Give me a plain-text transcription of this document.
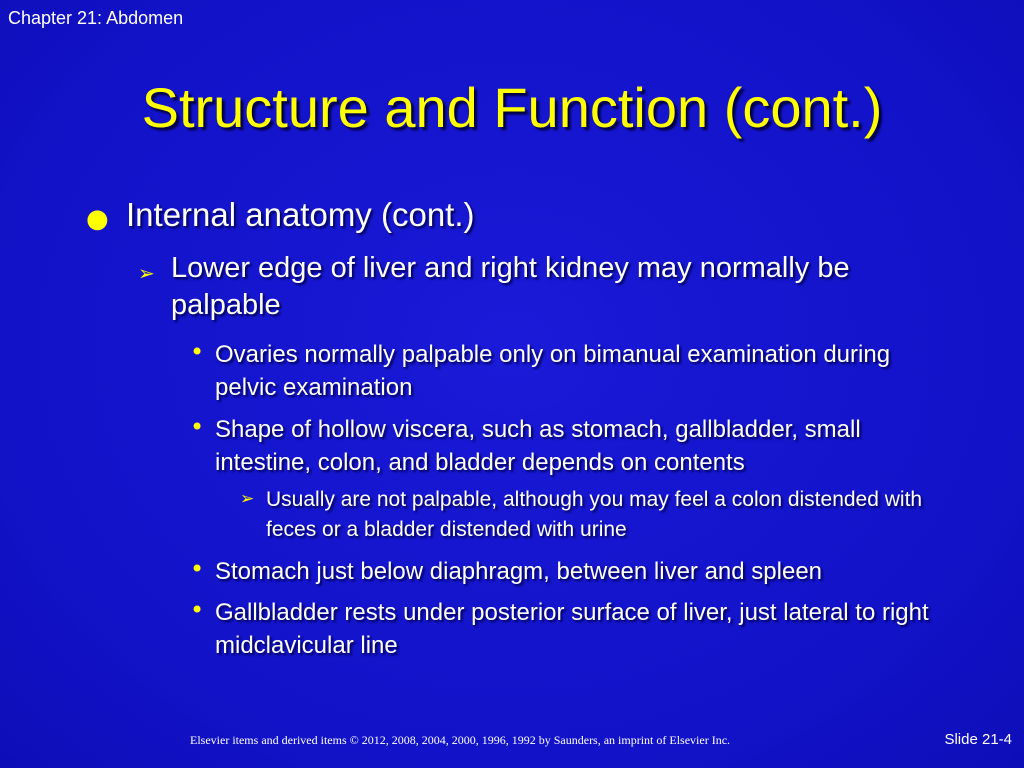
Chapter 21: Abdomen
Structure and Function (cont.)
● Internal anatomy (cont.)
➢ Lower edge of liver and right kidney may normally be palpable
• Ovaries normally palpable only on bimanual examination during pelvic examination
• Shape of hollow viscera, such as stomach, gallbladder, small intestine, colon, and bladder depends on contents
➢ Usually are not palpable, although you may feel a colon distended with feces or a bladder distended with urine
• Stomach just below diaphragm, between liver and spleen
• Gallbladder rests under posterior surface of liver, just lateral to right midclavicular line
Elsevier items and derived items © 2012, 2008, 2004, 2000, 1996, 1992 by Saunders, an imprint of Elsevier Inc.	Slide 21-4
